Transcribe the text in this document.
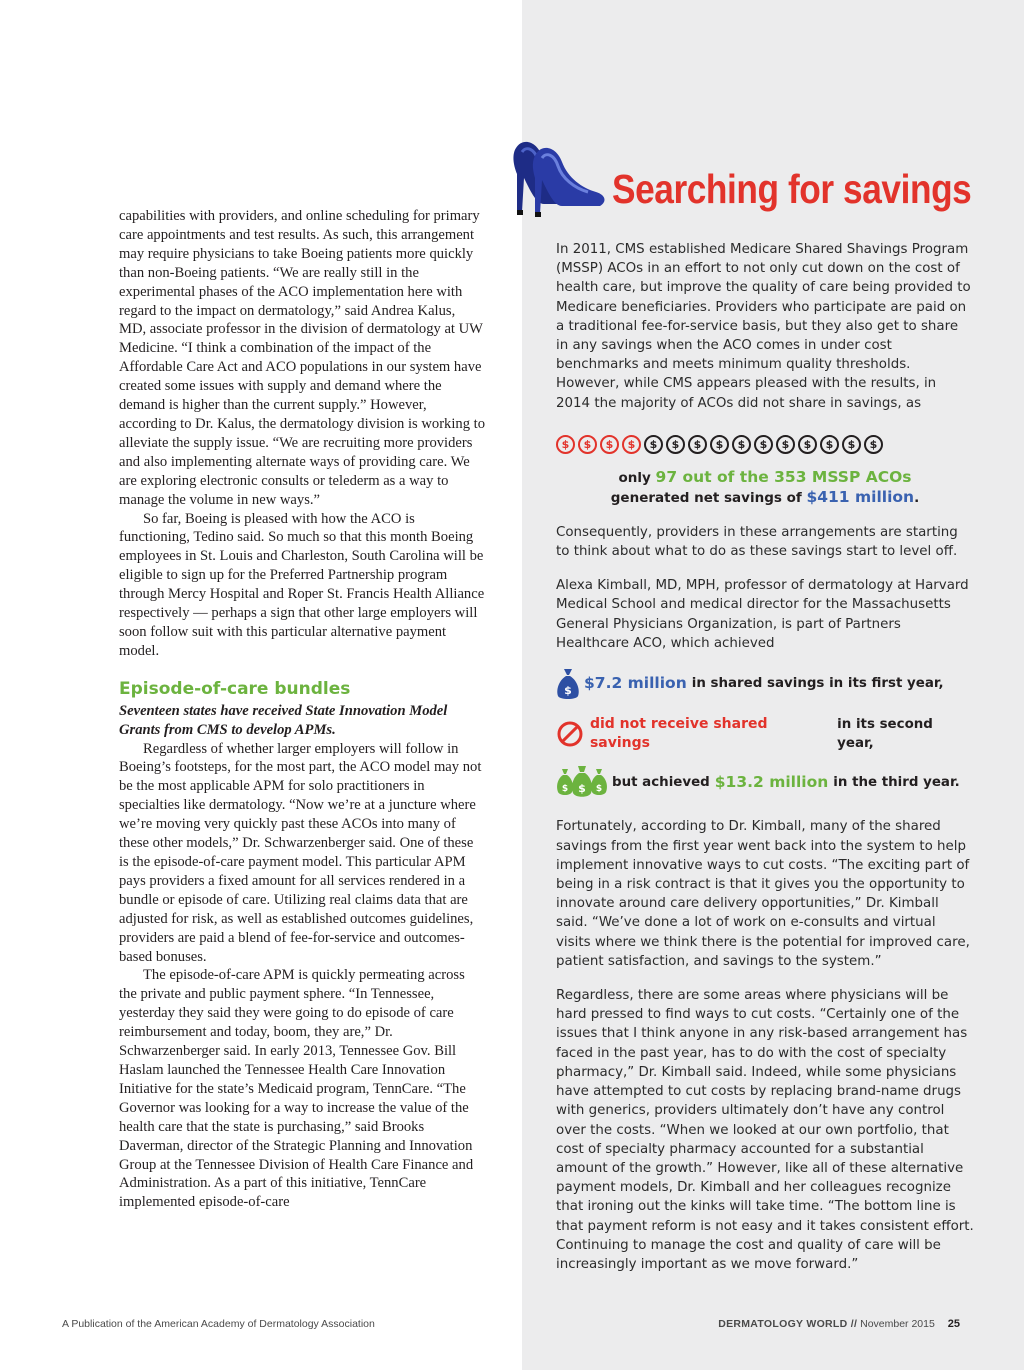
capabilities with providers, and online scheduling for primary care appointments and test results. As such, this arrangement may require physicians to take Boeing patients more quickly than non-Boeing patients. “We are really still in the experimental phases of the ACO implementation here with regard to the impact on dermatology,” said Andrea Kalus, MD, associate professor in the division of dermatology at UW Medicine. “I think a combination of the impact of the Affordable Care Act and ACO populations in our system have created some issues with supply and demand where the demand is higher than the current supply.” However, according to Dr. Kalus, the dermatology division is working to alleviate the supply issue. “We are recruiting more providers and also implementing alternate ways of providing care. We are exploring electronic consults or telederm as a way to manage the volume in new ways.”

So far, Boeing is pleased with how the ACO is functioning, Tedino said. So much so that this month Boeing employees in St. Louis and Charleston, South Carolina will be eligible to sign up for the Preferred Partnership program through Mercy Hospital and Roper St. Francis Health Alliance respectively — perhaps a sign that other large employers will soon follow suit with this particular alternative payment model.

Episode-of-care bundles

Seventeen states have received State Innovation Model Grants from CMS to develop APMs.

Regardless of whether larger employers will follow in Boeing’s footsteps, for the most part, the ACO model may not be the most applicable APM for solo practitioners in specialties like dermatology. “Now we’re at a juncture where we’re moving very quickly past these ACOs into many of these other models,” Dr. Schwarzenberger said. One of these is the episode-of-care payment model. This particular APM pays providers a fixed amount for all services rendered in a bundle or episode of care. Utilizing real claims data that are adjusted for risk, as well as established outcomes guidelines, providers are paid a blend of fee-for-service and outcomes-based bonuses.

The episode-of-care APM is quickly permeating across the private and public payment sphere. “In Tennessee, yesterday they said they were going to do episode of care reimbursement and today, boom, they are,” Dr. Schwarzenberger said. In early 2013, Tennessee Gov. Bill Haslam launched the Tennessee Health Care Innovation Initiative for the state’s Medicaid program, TennCare. “The Governor was looking for a way to increase the value of the health care that the state is purchasing,” said Brooks Daverman, director of the Strategic Planning and Innovation Group at the Tennessee Division of Health Care Finance and Administration. As a part of this initiative, TennCare implemented episode-of-care

Searching for savings

In 2011, CMS established Medicare Shared Shavings Program (MSSP) ACOs in an effort to not only cut down on the cost of health care, but improve the quality of care being provided to Medicare beneficiaries. Providers who participate are paid on a traditional fee-for-service basis, but they also get to share in any savings when the ACO comes in under cost benchmarks and meets minimum quality thresholds. However, while CMS appears pleased with the results, in 2014 the majority of ACOs did not share in savings, as

$	$	$	$	$	$	$	$	$	$	$	$	$	$	$
only 97 out of the 353 MSSP ACOs
generated net savings of $411 million.

Consequently, providers in these arrangements are starting to think about what to do as these savings start to level off.

Alexa Kimball, MD, MPH, professor of dermatology at Harvard Medical School and medical director for the Massachusetts General Physicians Organization, is part of Partners Healthcare ACO, which achieved

$ $7.2 million in shared savings in its first year,
did not receive shared savings
in its second year,
$ $ $ but achieved $13.2 million in the third year.

Fortunately, according to Dr. Kimball, many of the shared savings from the first year went back into the system to help implement innovative ways to cut costs. “The exciting part of being in a risk contract is that it gives you the opportunity to innovate around care delivery opportunities,” Dr. Kimball said. “We’ve done a lot of work on e-consults and virtual visits where we think there is the potential for improved care, patient satisfaction, and savings to the system.”

Regardless, there are some areas where physicians will be hard pressed to find ways to cut costs. “Certainly one of the issues that I think anyone in any risk-based arrangement has faced in the past year, has to do with the cost of specialty pharmacy,” Dr. Kimball said. Indeed, while some physicians have attempted to cut costs by replacing brand-name drugs with generics, providers ultimately don’t have any control over the costs. “When we looked at our own portfolio, that cost of specialty pharmacy accounted for a substantial amount of the growth.” However, like all of these alternative payment models, Dr. Kimball and her colleagues recognize that ironing out the kinks will take time. “The bottom line is that payment reform is not easy and it takes consistent effort. Continuing to manage the cost and quality of care will be increasingly important as we move forward.”

A Publication of the American Academy of Dermatology Association	DERMATOLOGY WORLD // November 2015 25
